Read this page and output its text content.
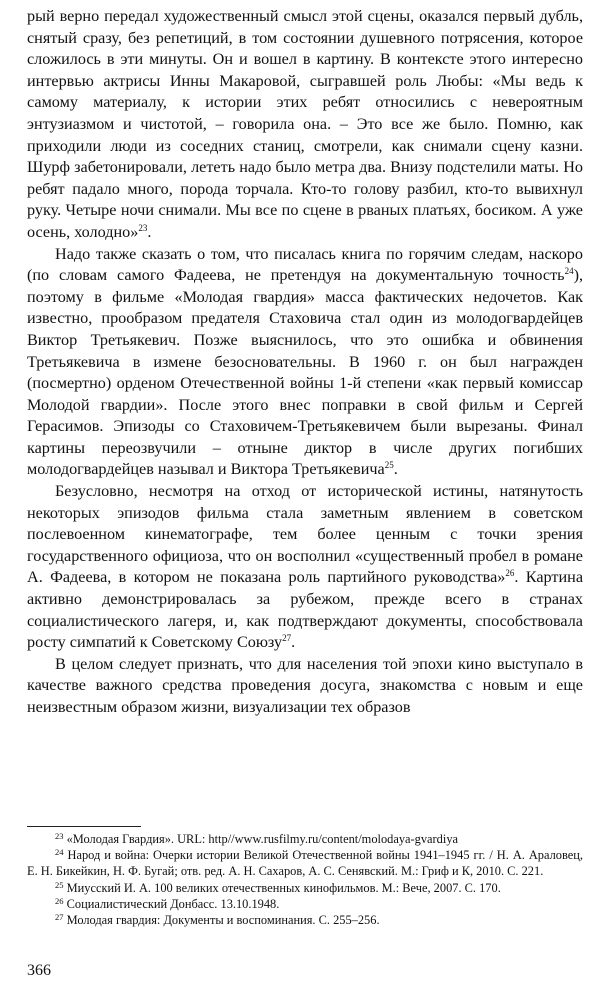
рый верно передал художественный смысл этой сцены, оказался первый дубль, снятый сразу, без репетиций, в том состоянии душевного потрясения, которое сложилось в эти минуты. Он и вошел в картину. В контексте этого интересно интервью актрисы Инны Макаровой, сыгравшей роль Любы: «Мы ведь к самому материалу, к истории этих ребят относились с невероятным энтузиазмом и чистотой, – говорила она. – Это все же было. Помню, как приходили люди из соседних станиц, смотрели, как снимали сцену казни. Шурф забетонировали, лететь надо было метра два. Внизу подстелили маты. Но ребят падало много, порода торчала. Кто-то голову разбил, кто-то вывихнул руку. Четыре ночи снимали. Мы все по сцене в рваных платьях, босиком. А уже осень, холодно»$^{23}$.

Надо также сказать о том, что писалась книга по горячим следам, наскоро (по словам самого Фадеева, не претендуя на документальную точность$^{24}$), поэтому в фильме «Молодая гвардия» масса фактических недочетов. Как известно, прообразом предателя Стаховича стал один из молодогвардейцев Виктор Третьякевич. Позже выяснилось, что это ошибка и обвинения Третьякевича в измене безосновательны. В 1960 г. он был награжден (посмертно) орденом Отечественной войны 1-й степени «как первый комиссар Молодой гвардии». После этого внес поправки в свой фильм и Сергей Герасимов. Эпизоды со Стаховичем-Третьякевичем были вырезаны. Финал картины переозвучили – отныне диктор в числе других погибших молодогвардейцев называл и Виктора Третьякевича$^{25}$.

Безусловно, несмотря на отход от исторической истины, натянутость некоторых эпизодов фильма стала заметным явлением в советском послевоенном кинематографе, тем более ценным с точки зрения государственного официоза, что он восполнил «существенный пробел в романе А. Фадеева, в котором не показана роль партийного руководства»$^{26}$. Картина активно демонстрировалась за рубежом, прежде всего в странах социалистического лагеря, и, как подтверждают документы, способствовала росту симпатий к Советскому Союзу$^{27}$.

В целом следует признать, что для населения той эпохи кино выступало в качестве важного средства проведения досуга, знакомства с новым и еще неизвестным образом жизни, визуализации тех образов

$^{23}$ «Молодая Гвардия». URL: http//www.rusfilmy.ru/content/molodaya-gvardiya

$^{24}$ Народ и война: Очерки истории Великой Отечественной войны 1941–1945 гг. / Н. А. Араловец, Е. Н. Бикейкин, Н. Ф. Бугай; отв. ред. А. Н. Сахаров, А. С. Сенявский. М.: Гриф и К, 2010. С. 221.

$^{25}$ Миусский И. А. 100 великих отечественных кинофильмов. М.: Вече, 2007. С. 170.

$^{26}$ Социалистический Донбасс. 13.10.1948.

$^{27}$ Молодая гвардия: Документы и воспоминания. С. 255–256.

366
